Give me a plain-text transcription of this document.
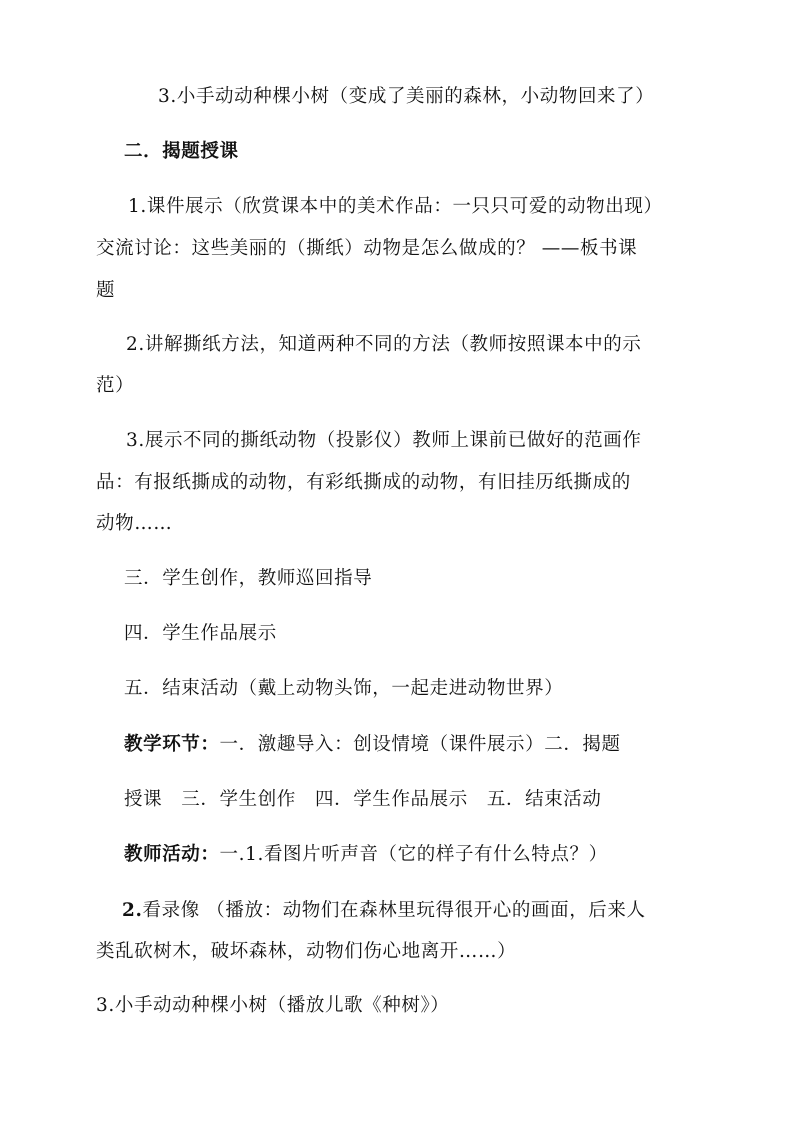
3.小手动动种棵小树（变成了美丽的森林，小动物回来了）

二．揭题授课

1.课件展示（欣赏课本中的美术作品：一只只可爱的动物出现）

交流讨论：这些美丽的（撕纸）动物是怎么做成的？ ——板书课

题

2.讲解撕纸方法，知道两种不同的方法（教师按照课本中的示

范）

3.展示不同的撕纸动物（投影仪）教师上课前已做好的范画作

品：有报纸撕成的动物，有彩纸撕成的动物，有旧挂历纸撕成的

动物……

三．学生创作，教师巡回指导

四．学生作品展示

五．结束活动（戴上动物头饰，一起走进动物世界）

教学环节：一．激趣导入：创设情境（课件展示）二．揭题

授课　三．学生创作　四．学生作品展示　五．结束活动

教师活动：一.1.看图片听声音（它的样子有什么特点？）

2.看录像 （播放：动物们在森林里玩得很开心的画面，后来人

类乱砍树木，破坏森林，动物们伤心地离开……）

3.小手动动种棵小树（播放儿歌《种树》）
